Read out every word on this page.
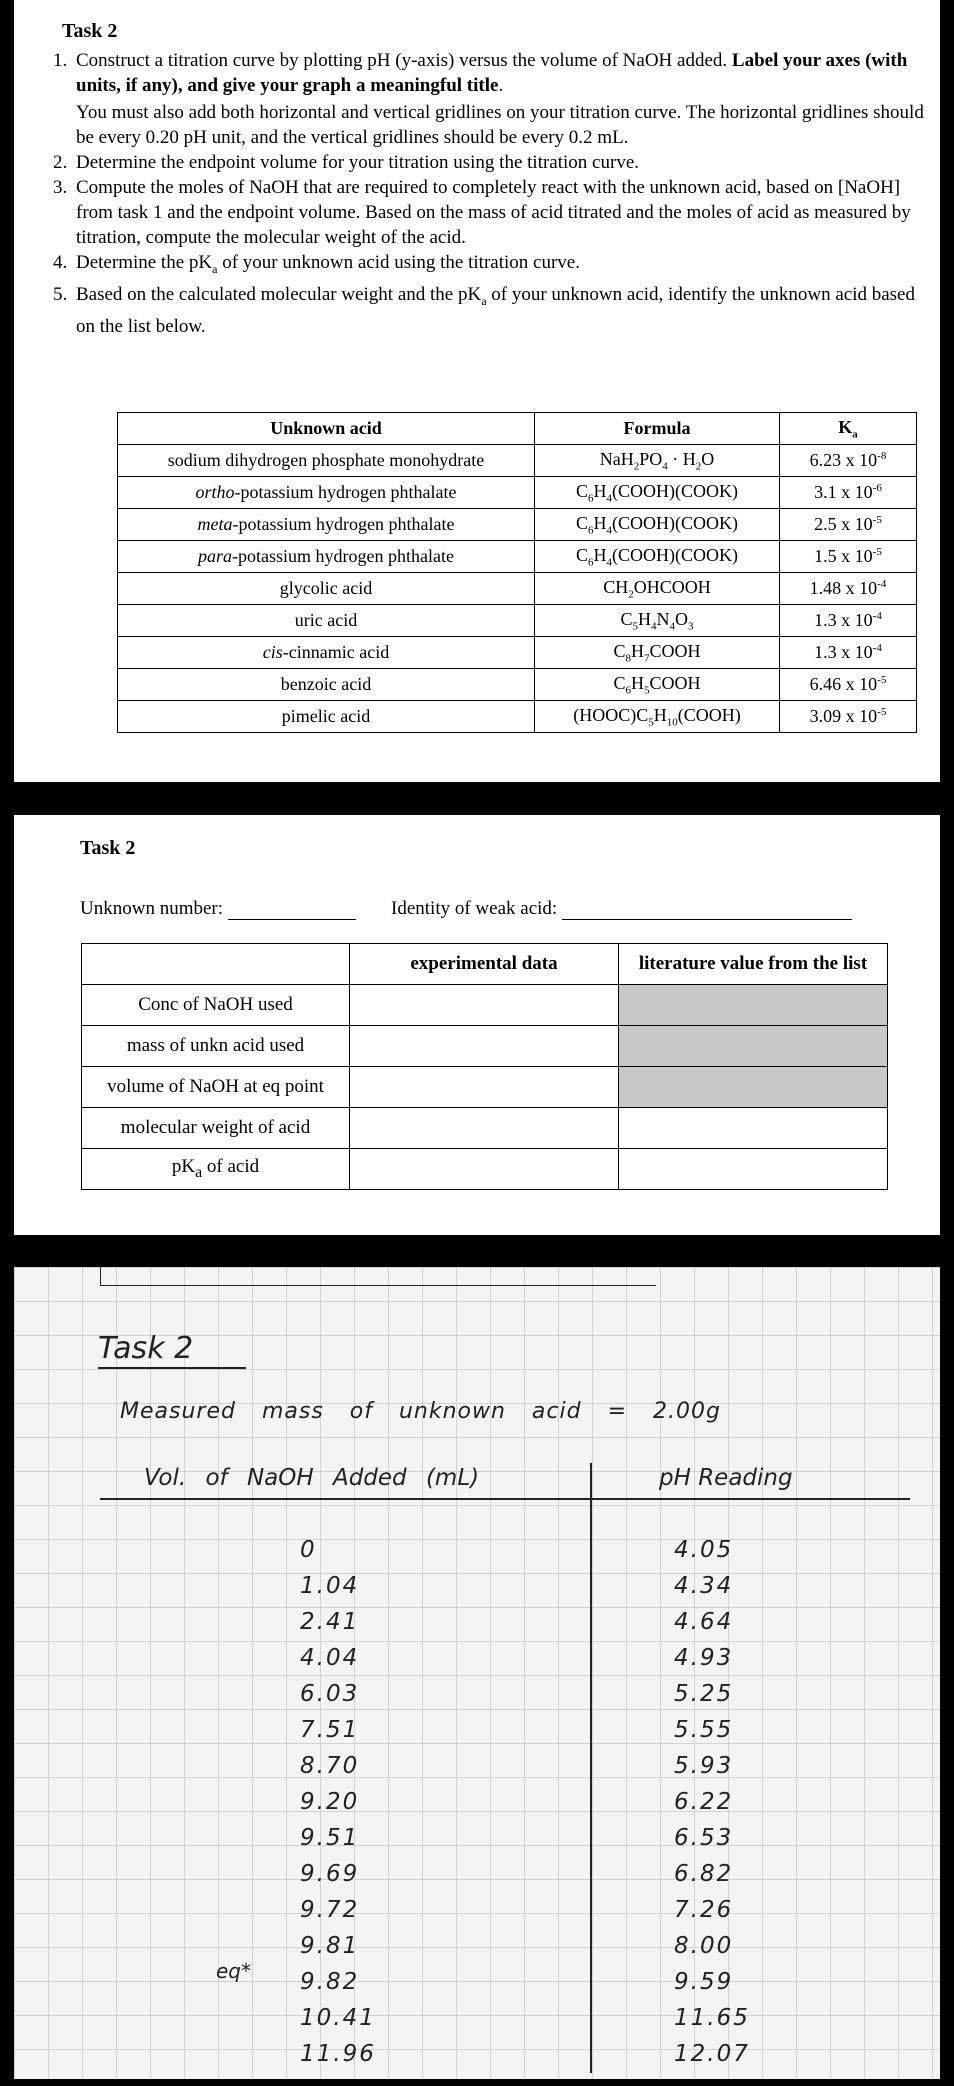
Task 2
1. Construct a titration curve by plotting pH (y-axis) versus the volume of NaOH added. Label your axes (with units, if any), and give your graph a meaningful title.
You must also add both horizontal and vertical gridlines on your titration curve. The horizontal gridlines should be every 0.20 pH unit, and the vertical gridlines should be every 0.2 mL.
2. Determine the endpoint volume for your titration using the titration curve.
3. Compute the moles of NaOH that are required to completely react with the unknown acid, based on [NaOH] from task 1 and the endpoint volume. Based on the mass of acid titrated and the moles of acid as measured by titration, compute the molecular weight of the acid.
4. Determine the $pK_a$ of your unknown acid using the titration curve.
5. Based on the calculated molecular weight and the $pK_a$ of your unknown acid, identify the unknown acid based on the list below.
Unknown acid	Formula	$K_a$
sodium dihydrogen phosphate monohydrate	$NaH_2PO_4 \cdot H_2O$	6.23 x $10^{-8}$
ortho-potassium hydrogen phthalate	$C_6H_4(COOH)(COOK)$	3.1 x $10^{-6}$
meta-potassium hydrogen phthalate	$C_6H_4(COOH)(COOK)$	2.5 x $10^{-5}$
para-potassium hydrogen phthalate	$C_6H_4(COOH)(COOK)$	1.5 x $10^{-5}$
glycolic acid	$CH_2OHCOOH$	1.48 x $10^{-4}$
uric acid	$C_5H_4N_4O_3$	1.3 x $10^{-4}$
cis-cinnamic acid	$C_8H_7COOH$	1.3 x $10^{-4}$
benzoic acid	$C_6H_5COOH$	6.46 x $10^{-5}$
pimelic acid	$(HOOC)C_5H_{10}(COOH)$	3.09 x $10^{-5}$
Task 2
Unknown number:	Identity of weak acid:
	experimental data	literature value from the list
Conc of NaOH used		
mass of unkn acid used		
volume of NaOH at eq point		
molecular weight of acid		
$pK_a$ of acid		
Task 2
Measured mass of unknown acid = 2.00g
Vol. of NaOH Added (mL)	pH Reading
eq*
0	4.05
1.04	4.34
2.41	4.64
4.04	4.93
6.03	5.25
7.51	5.55
8.70	5.93
9.20	6.22
9.51	6.53
9.69	6.82
9.72	7.26
9.81	8.00
9.82	9.59
10.41	11.65
11.96	12.07
